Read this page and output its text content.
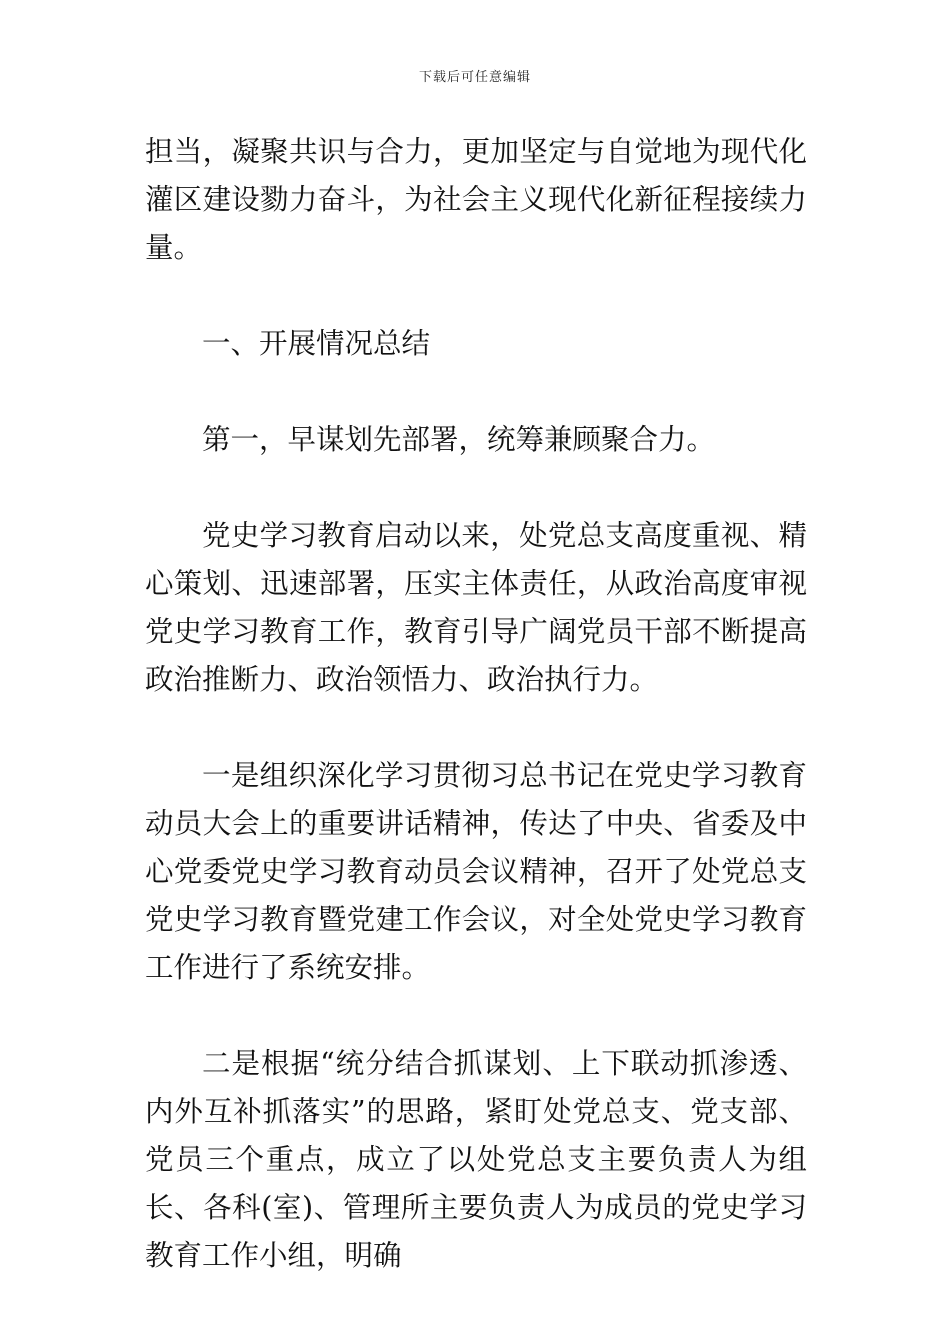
下载后可任意编辑

担当，凝聚共识与合力，更加坚定与自觉地为现代化灌区建设勠力奋斗，为社会主义现代化新征程接续力量。

一、开展情况总结

第一，早谋划先部署，统筹兼顾聚合力。

党史学习教育启动以来，处党总支高度重视、精心策划、迅速部署，压实主体责任，从政治高度审视党史学习教育工作，教育引导广阔党员干部不断提高政治推断力、政治领悟力、政治执行力。

一是组织深化学习贯彻习总书记在党史学习教育动员大会上的重要讲话精神，传达了中央、省委及中心党委党史学习教育动员会议精神，召开了处党总支党史学习教育暨党建工作会议，对全处党史学习教育工作进行了系统安排。

二是根据“统分结合抓谋划、上下联动抓渗透、内外互补抓落实”的思路，紧盯处党总支、党支部、党员三个重点，成立了以处党总支主要负责人为组长、各科(室)、管理所主要负责人为成员的党史学习教育工作小组，明确
